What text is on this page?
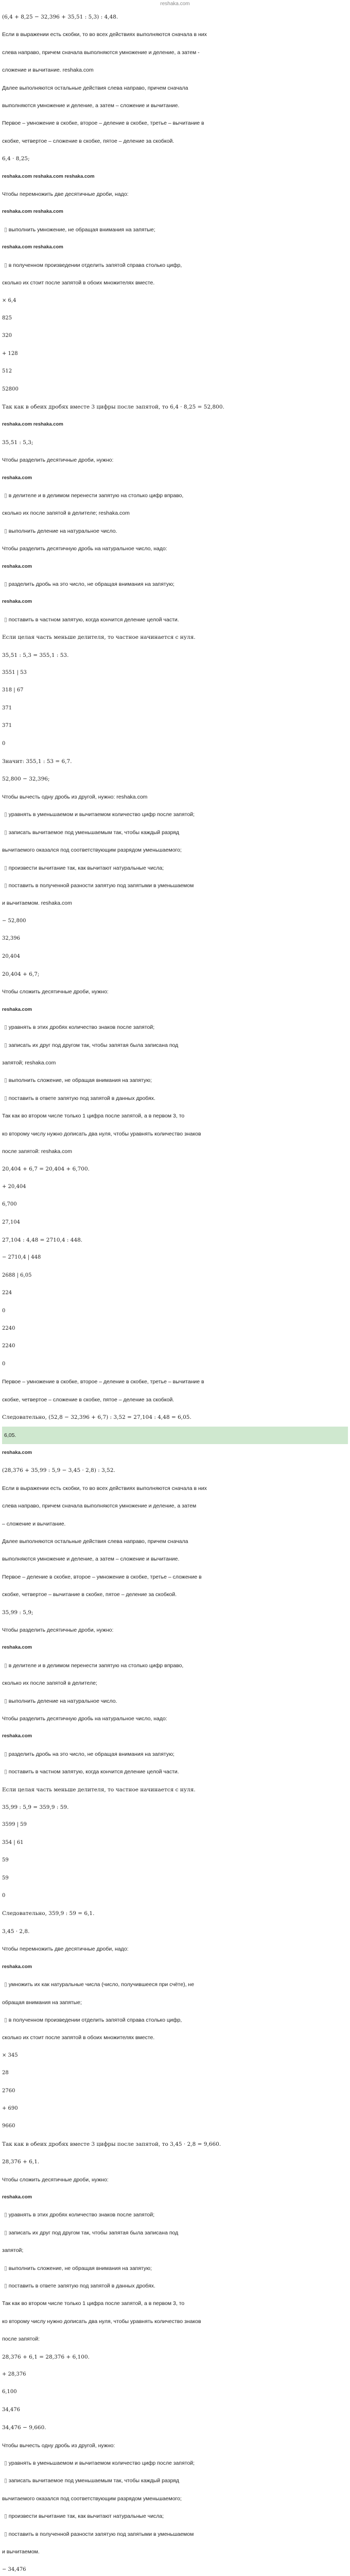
reshaka.com
(6,4 + 8,25 − 32,396 + 35,51 : 5,3) : 4,48.
Если в выражении есть скобки, то во всех действиях выполняются сначала в них
слева направо, причем сначала выполняются умножение и деление, а затем -
сложение и вычитание. reshaka.com
Далее выполняются остальные действия слева направо, причем сначала
выполняются умножение и деление, а затем – сложение и вычитание.
Первое – умножение в скобке, второе – деление в скобке, третье – вычитание в
скобке, четвертое – сложение в скобке, пятое – деление за скобкой.
6,4 · 8,25;
reshaka.com reshaka.com reshaka.com
Чтобы перемножить две десятичные дроби, надо:
reshaka.com reshaka.com
▯ выполнить умножение, не обращая внимания на запятые;
reshaka.com reshaka.com
▯ в полученном произведении отделить запятой справа столько цифр,
сколько их стоит после запятой в обоих множителях вместе.
× 6,4
825
320
+ 128
512
52800
Так как в обеих дробях вместе 3 цифры после запятой, то 6,4 · 8,25 = 52,800.
reshaka.com reshaka.com
35,51 : 5,3;
Чтобы разделить десятичные дроби, нужно:
reshaka.com
▯ в делителе и в делимом перенести запятую на столько цифр вправо,
сколько их после запятой в делителе; reshaka.com
▯ выполнить деление на натуральное число.
Чтобы разделить десятичную дробь на натуральное число, надо:
reshaka.com
▯ разделить дробь на это число, не обращая внимания на запятую;
reshaka.com
▯ поставить в частном запятую, когда кончится деление целой части.
Если целая часть меньше делителя, то частное начинается с нуля.
35,51 : 5,3 = 355,1 : 53.
3551 | 53
318 | 67
371
371
0
Значит: 355,1 : 53 = 6,7.
52,800 − 32,396;
Чтобы вычесть одну дробь из другой, нужно: reshaka.com
▯ уравнять в уменьшаемом и вычитаемом количество цифр после запятой;
▯ записать вычитаемое под уменьшаемым так, чтобы каждый разряд
вычитаемого оказался под соответствующим разрядом уменьшаемого;
▯ произвести вычитание так, как вычитают натуральные числа;
▯ поставить в полученной разности запятую под запятыми в уменьшаемом
и вычитаемом. reshaka.com
− 52,800
32,396
20,404
20,404 + 6,7;
Чтобы сложить десятичные дроби, нужно:
reshaka.com
▯ уравнять в этих дробях количество знаков после запятой;
▯ записать их друг под другом так, чтобы запятая была записана под
запятой; reshaka.com
▯ выполнить сложение, не обращая внимания на запятую;
▯ поставить в ответе запятую под запятой в данных дробях.
Так как во втором числе только 1 цифра после запятой, а в первом 3, то
ко второму числу нужно дописать два нуля, чтобы уравнять количество знаков
после запятой: reshaka.com
20,404 + 6,7 = 20,404 + 6,700.
+ 20,404
6,700
27,104
27,104 : 4,48 = 2710,4 : 448.
− 2710,4 | 448
2688 | 6,05
224
0
2240
2240
0
Первое – умножение в скобке, второе – деление в скобке, третье – вычитание в
скобке, четвертое – сложение в скобке, пятое – деление за скобкой.
Следовательно, (52,8 − 32,396 + 6,7) : 3,52 = 27,104 : 4,48 = 6,05.
6,05.
reshaka.com
(28,376 + 35,99 : 5,9 − 3,45 · 2,8) : 3,52.
Если в выражении есть скобки, то во всех действиях выполняются сначала в них
слева направо, причем сначала выполняются умножение и деление, а затем
– сложение и вычитание.
Далее выполняются остальные действия слева направо, причем сначала
выполняются умножение и деление, а затем – сложение и вычитание.
Первое – деление в скобке, второе – умножение в скобке, третье – сложение в
скобке, четвертое – вычитание в скобке, пятое – деление за скобкой.
35,99 : 5,9;
Чтобы разделить десятичные дроби, нужно:
reshaka.com
▯ в делителе и в делимом перенести запятую на столько цифр вправо,
сколько их после запятой в делителе;
▯ выполнить деление на натуральное число.
Чтобы разделить десятичную дробь на натуральное число, надо:
reshaka.com
▯ разделить дробь на это число, не обращая внимания на запятую;
▯ поставить в частном запятую, когда кончится деление целой части.
Если целая часть меньше делителя, то частное начинается с нуля.
35,99 : 5,9 = 359,9 : 59.
3599 | 59
354 | 61
59
59
0
Следовательно, 359,9 : 59 = 6,1.
3,45 · 2,8.
Чтобы перемножить две десятичные дроби, надо:
reshaka.com
▯ умножить их как натуральные числа (число, получившееся при счёте), не
обращая внимания на запятые;
▯ в полученном произведении отделить запятой справа столько цифр,
сколько их стоит после запятой в обоих множителях вместе.
× 345
28
2760
+ 690
9660
Так как в обеих дробях вместе 3 цифры после запятой, то 3,45 · 2,8 = 9,660.
28,376 + 6,1.
Чтобы сложить десятичные дроби, нужно:
reshaka.com
▯ уравнять в этих дробях количество знаков после запятой;
▯ записать их друг под другом так, чтобы запятая была записана под
запятой;
▯ выполнить сложение, не обращая внимания на запятую;
▯ поставить в ответе запятую под запятой в данных дробях.
Так как во втором числе только 1 цифра после запятой, а в первом 3, то
ко второму числу нужно дописать два нуля, чтобы уравнять количество знаков
после запятой:
28,376 + 6,1 = 28,376 + 6,100.
+ 28,376
6,100
34,476
34,476 − 9,660.
Чтобы вычесть одну дробь из другой, нужно:
▯ уравнять в уменьшаемом и вычитаемом количество цифр после запятой;
▯ записать вычитаемое под уменьшаемым так, чтобы каждый разряд
вычитаемого оказался под соответствующим разрядом уменьшаемого;
▯ произвести вычитание так, как вычитают натуральные числа;
▯ поставить в полученной разности запятую под запятыми в уменьшаемом
и вычитаемом.
− 34,476
